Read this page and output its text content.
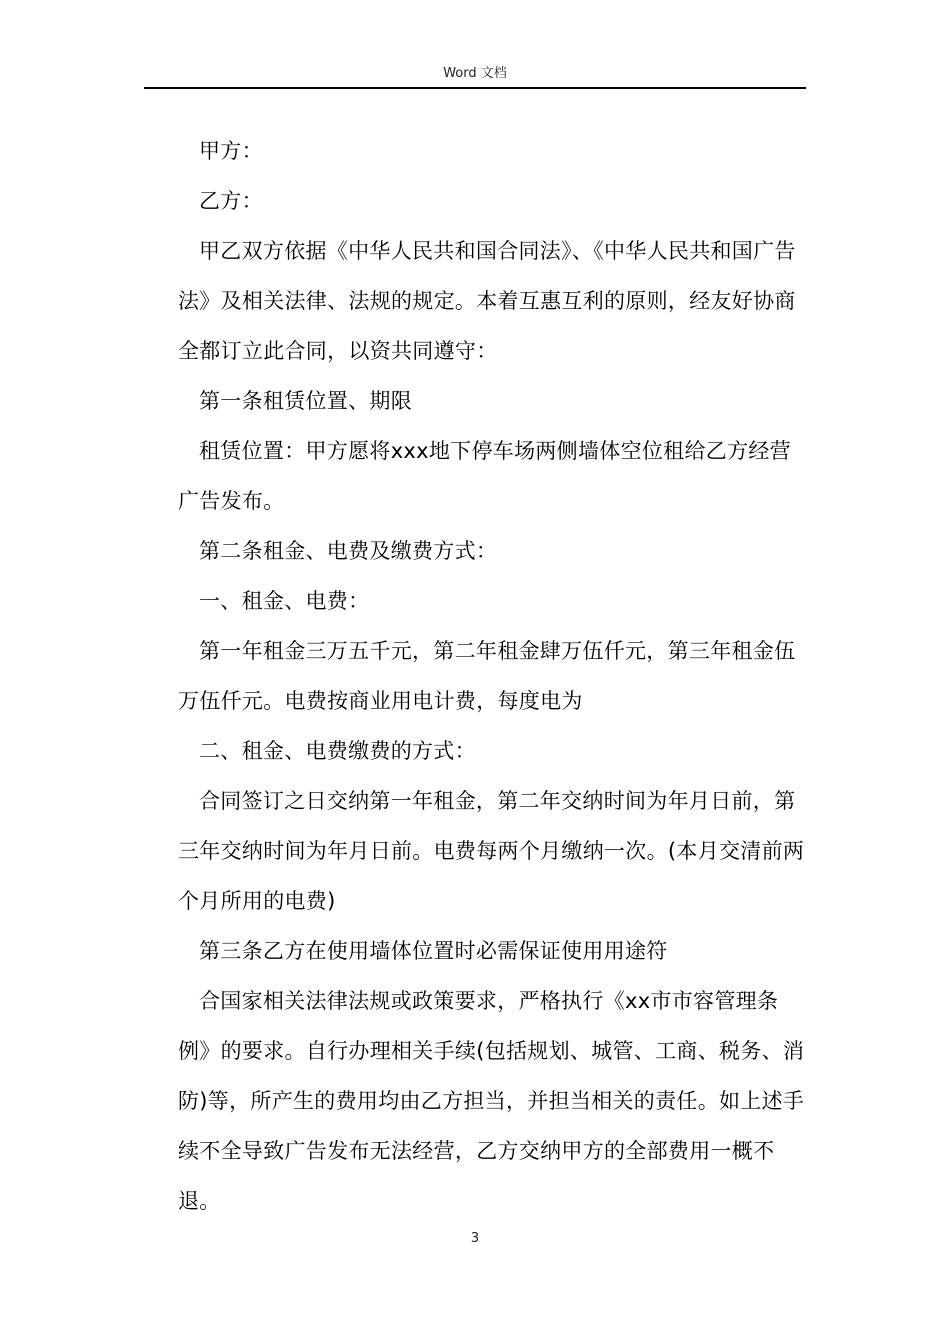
Word 文档

甲方：

乙方：

甲乙双方依据《中华人民共和国合同法》、《中华人民共和国广告法》及相关法律、法规的规定。本着互惠互利的原则，经友好协商全都订立此合同，以资共同遵守：

第一条租赁位置、期限

租赁位置：甲方愿将xxx地下停车场两侧墙体空位租给乙方经营广告发布。

第二条租金、电费及缴费方式：

一、租金、电费：

第一年租金三万五千元，第二年租金肆万伍仟元，第三年租金伍万伍仟元。电费按商业用电计费，每度电为

二、租金、电费缴费的方式：

合同签订之日交纳第一年租金，第二年交纳时间为年月日前，第三年交纳时间为年月日前。电费每两个月缴纳一次。(本月交清前两个月所用的电费)

第三条乙方在使用墙体位置时必需保证使用用途符

合国家相关法律法规或政策要求，严格执行《xx市市容管理条例》的要求。自行办理相关手续(包括规划、城管、工商、税务、消防)等，所产生的费用均由乙方担当，并担当相关的责任。如上述手续不全导致广告发布无法经营，乙方交纳甲方的全部费用一概不退。

3
